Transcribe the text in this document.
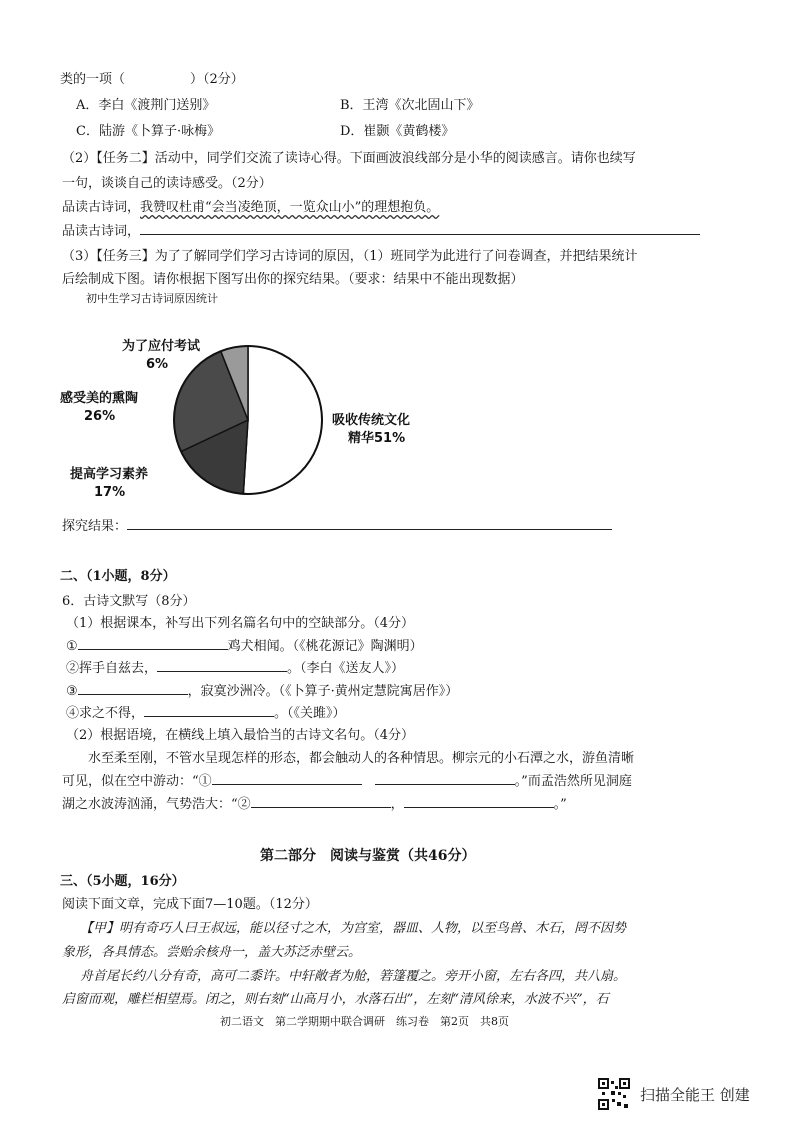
类的一项（　　　　　）（2分）
A．李白《渡荆门送别》	B．王湾《次北固山下》
C．陆游《卜算子·咏梅》	D．崔颢《黄鹤楼》
（2）【任务二】活动中，同学们交流了读诗心得。下面画波浪线部分是小华的阅读感言。请你也续写
一句，谈谈自己的读诗感受。（2分）
品读古诗词，我赞叹杜甫“会当凌绝顶，一览众山小”的理想抱负。
品读古诗词，
（3）【任务三】为了了解同学们学习古诗词的原因，（1）班同学为此进行了问卷调查，并把结果统计
后绘制成下图。请你根据下图写出你的探究结果。（要求：结果中不能出现数据）
初中生学习古诗词原因统计
吸收传统文化精华51%
提高学习素养 17%
感受美的熏陶 26%
为了应付考试 6%
探究结果：
二、（1小题，8分）
6．古诗文默写（8分）
（1）根据课本，补写出下列名篇名句中的空缺部分。（4分）
①	鸡犬相闻。（《桃花源记》陶渊明）
②挥手自兹去，	。（李白《送友人》）
③	，寂寞沙洲冷。（《卜算子·黄州定慧院寓居作》）
④求之不得，	。（《关雎》）
（2）根据语境，在横线上填入最恰当的古诗文名句。（4分）
水至柔至刚，不管水呈现怎样的形态，都会触动人的各种情思。柳宗元的小石潭之水，游鱼清晰
可见，似在空中游动：“①　	。”而孟浩然所见洞庭
湖之水波涛汹涌，气势浩大：“②	，	。”
第二部分　阅读与鉴赏（共46分）
三、（5小题，16分）
阅读下面文章，完成下面7—10题。（12分）
【甲】明有奇巧人曰王叔远，能以径寸之木，为宫室，器皿、人物，以至鸟兽、木石，罔不因势
象形，各具情态。尝贻余核舟一，盖大苏泛赤壁云。
舟首尾长约八分有奇，高可二黍许。中轩敞者为舱，箬篷覆之。旁开小窗，左右各四，共八扇。
启窗而观，雕栏相望焉。闭之，则右刻“山高月小，水落石出”，左刻“清风徐来，水波不兴”，石
初二语文　第二学期期中联合调研　练习卷　第2页　共8页
扫描全能王 创建
